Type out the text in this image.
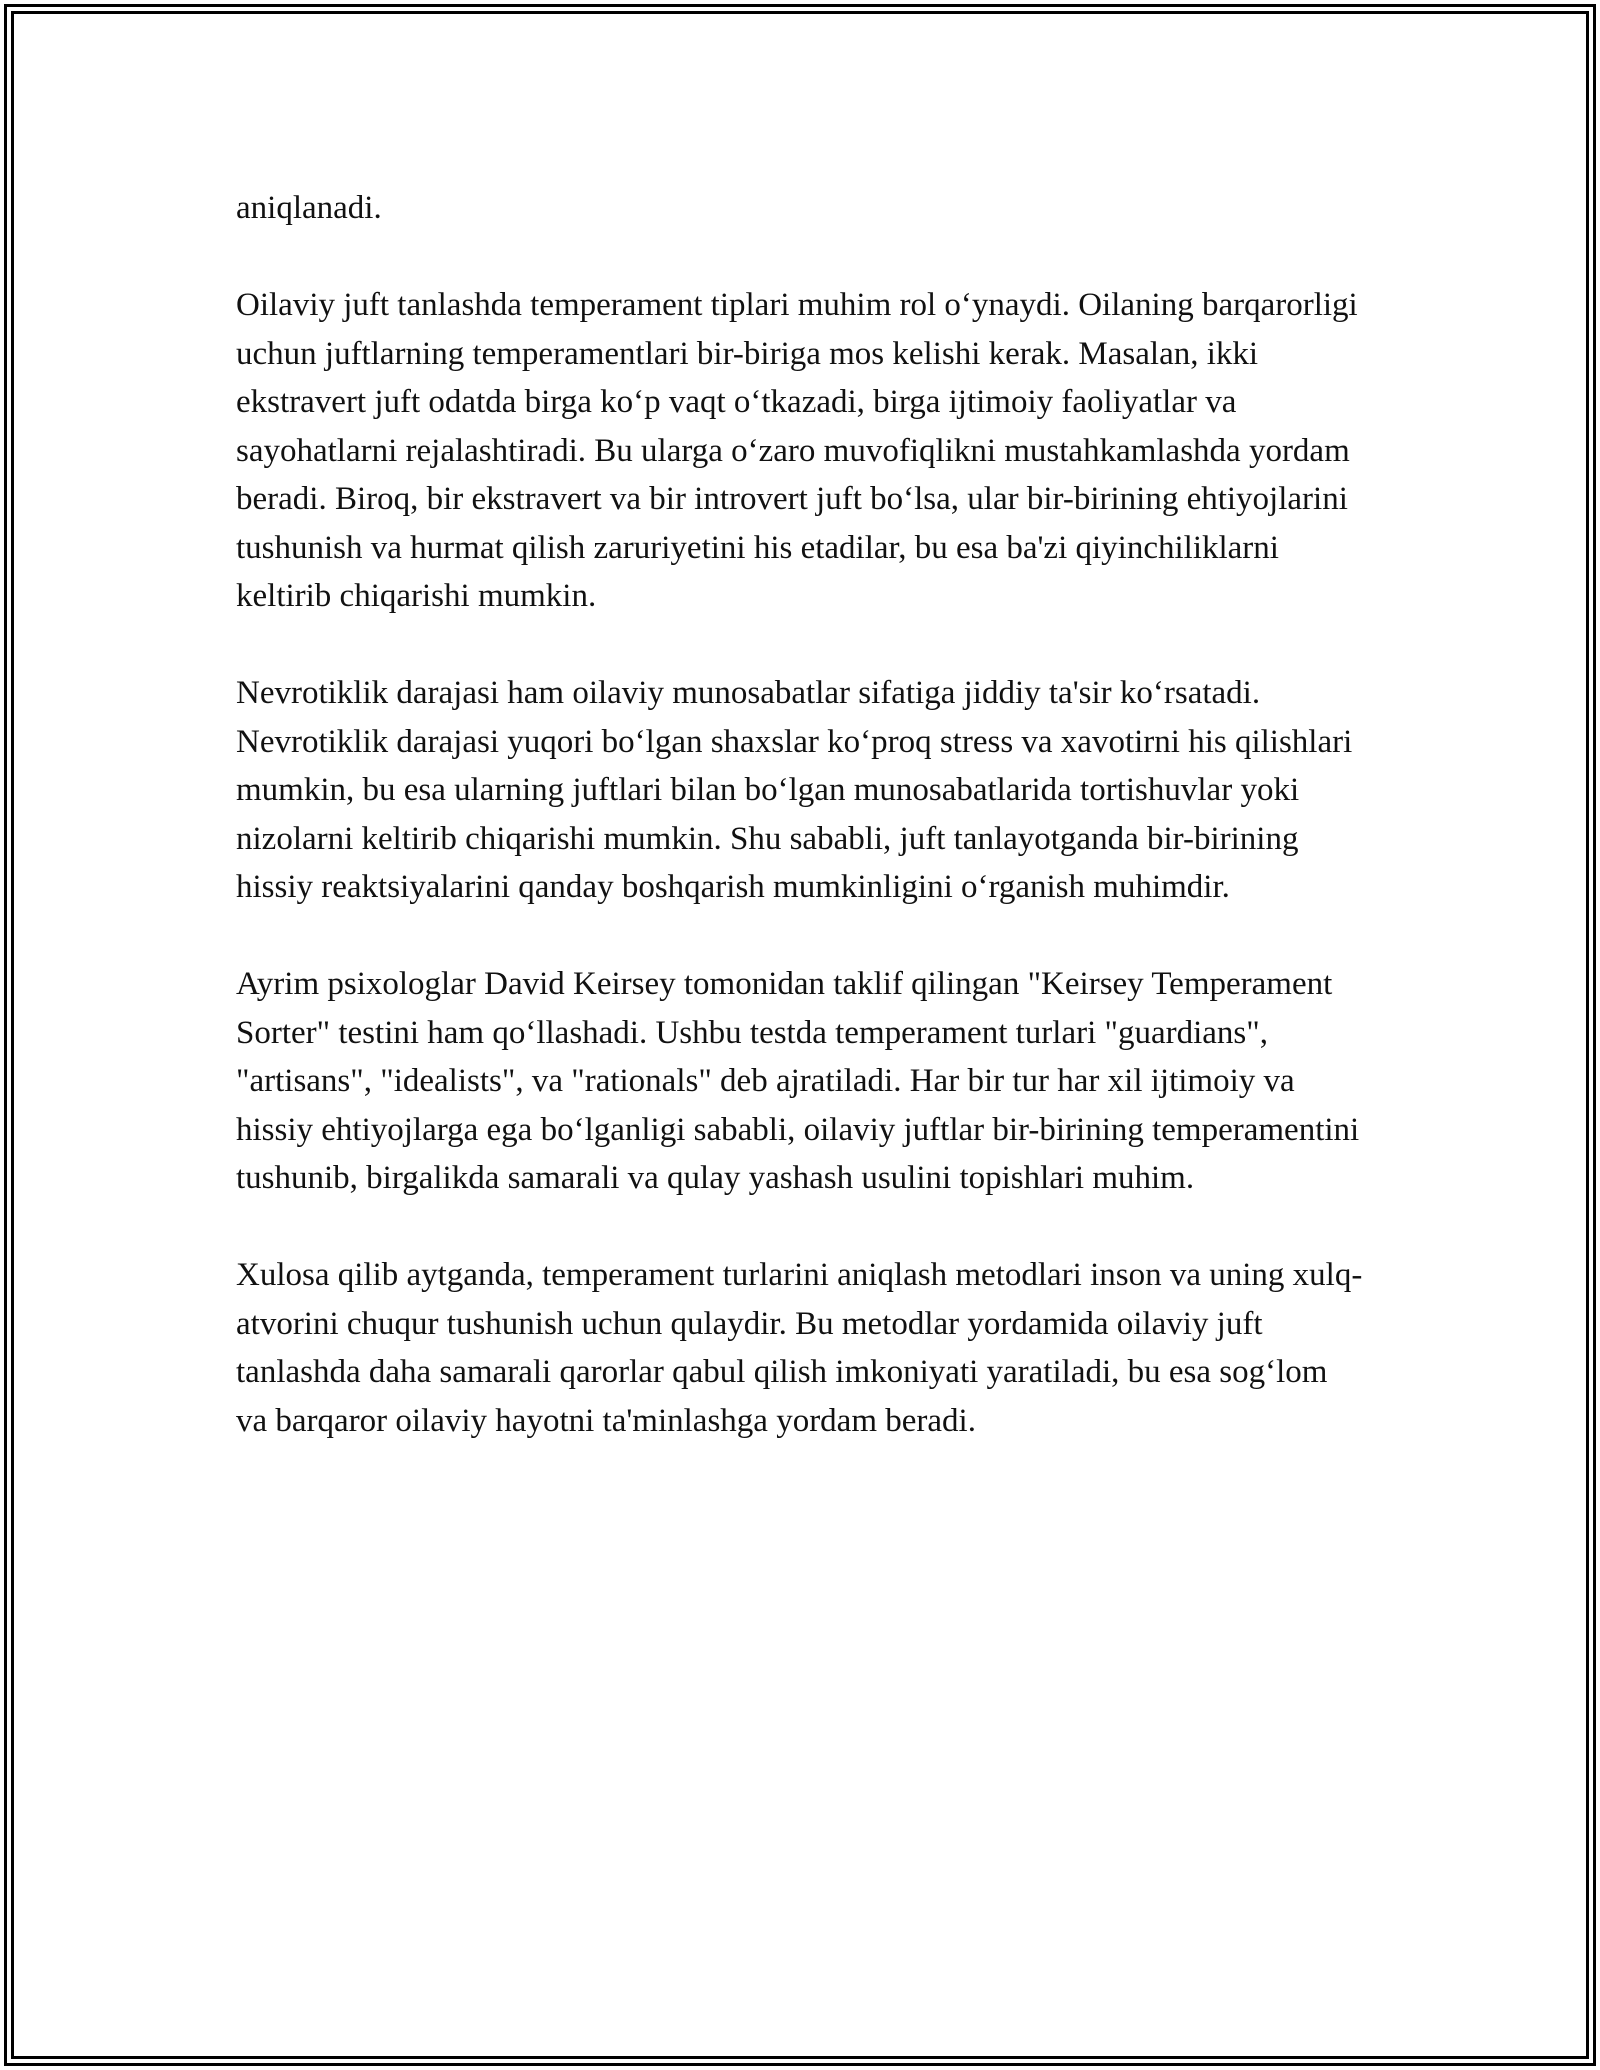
aniqlanadi.

Oilaviy juft tanlashda temperament tiplari muhim rol o‘ynaydi. Oilaning barqarorligi uchun juftlarning temperamentlari bir-biriga mos kelishi kerak. Masalan, ikki ekstravert juft odatda birga ko‘p vaqt o‘tkazadi, birga ijtimoiy faoliyatlar va sayohatlarni rejalashtiradi. Bu ularga o‘zaro muvofiqlikni mustahkamlashda yordam beradi. Biroq, bir ekstravert va bir introvert juft bo‘lsa, ular bir-birining ehtiyojlarini tushunish va hurmat qilish zaruriyetini his etadilar, bu esa ba'zi qiyinchiliklarni keltirib chiqarishi mumkin.

Nevrotiklik darajasi ham oilaviy munosabatlar sifatiga jiddiy ta'sir ko‘rsatadi. Nevrotiklik darajasi yuqori bo‘lgan shaxslar ko‘proq stress va xavotirni his qilishlari mumkin, bu esa ularning juftlari bilan bo‘lgan munosabatlarida tortishuvlar yoki nizolarni keltirib chiqarishi mumkin. Shu sababli, juft tanlayotganda bir-birining hissiy reaktsiyalarini qanday boshqarish mumkinligini o‘rganish muhimdir.

Ayrim psixologlar David Keirsey tomonidan taklif qilingan "Keirsey Temperament Sorter" testini ham qo‘llashadi. Ushbu testda temperament turlari "guardians", "artisans", "idealists", va "rationals" deb ajratiladi. Har bir tur har xil ijtimoiy va hissiy ehtiyojlarga ega bo‘lganligi sababli, oilaviy juftlar bir-birining temperamentini tushunib, birgalikda samarali va qulay yashash usulini topishlari muhim.

Xulosa qilib aytganda, temperament turlarini aniqlash metodlari inson va uning xulq-atvorini chuqur tushunish uchun qulaydir. Bu metodlar yordamida oilaviy juft tanlashda daha samarali qarorlar qabul qilish imkoniyati yaratiladi, bu esa sog‘lom va barqaror oilaviy hayotni ta'minlashga yordam beradi.
